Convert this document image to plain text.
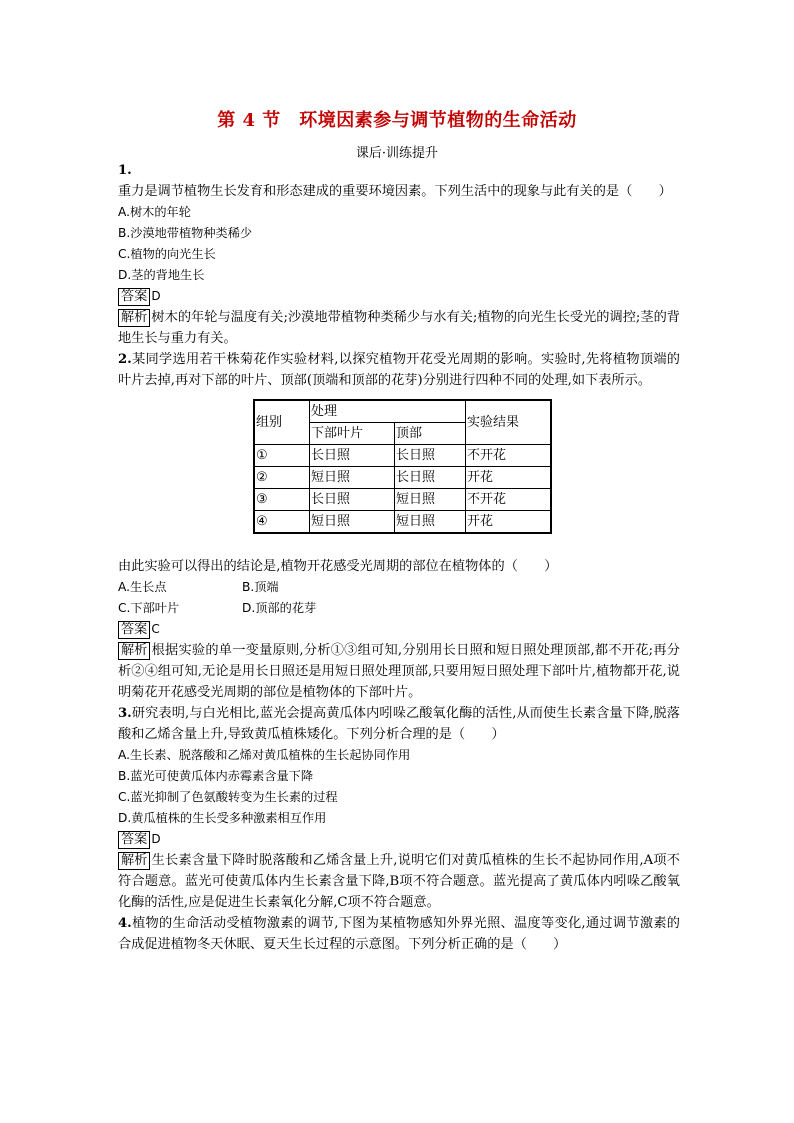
第 4 节　环境因素参与调节植物的生命活动
课后·训练提升

1.重力是调节植物生长发育和形态建成的重要环境因素。下列生活中的现象与此有关的是（　　）

A.树木的年轮

B.沙漠地带植物种类稀少

C.植物的向光生长

D.茎的背地生长

答案 D

解析 树木的年轮与温度有关;沙漠地带植物种类稀少与水有关;植物的向光生长受光的调控;茎的背地生长与重力有关。

2.某同学选用若干株菊花作实验材料,以探究植物开花受光周期的影响。实验时,先将植物顶端的叶片去掉,再对下部的叶片、顶部(顶端和顶部的花芽)分别进行四种不同的处理,如下表所示。

组别	处理		实验结果
	下部叶片	顶部	
①	长日照	长日照	不开花
②	短日照	长日照	开花
③	长日照	短日照	不开花
④	短日照	短日照	开花

由此实验可以得出的结论是,植物开花感受光周期的部位在植物体的（　　）

A.生长点	B.顶端

C.下部叶片	D.顶部的花芽

答案 C

解析 根据实验的单一变量原则,分析①③组可知,分别用长日照和短日照处理顶部,都不开花;再分析②④组可知,无论是用长日照还是用短日照处理顶部,只要用短日照处理下部叶片,植物都开花,说明菊花开花感受光周期的部位是植物体的下部叶片。

3.研究表明,与白光相比,蓝光会提高黄瓜体内吲哚乙酸氧化酶的活性,从而使生长素含量下降,脱落酸和乙烯含量上升,导致黄瓜植株矮化。下列分析合理的是（　　）

A.生长素、脱落酸和乙烯对黄瓜植株的生长起协同作用

B.蓝光可使黄瓜体内赤霉素含量下降

C.蓝光抑制了色氨酸转变为生长素的过程

D.黄瓜植株的生长受多种激素相互作用

答案 D

解析 生长素含量下降时脱落酸和乙烯含量上升,说明它们对黄瓜植株的生长不起协同作用,A项不符合题意。蓝光可使黄瓜体内生长素含量下降,B项不符合题意。蓝光提高了黄瓜体内吲哚乙酸氧化酶的活性,应是促进生长素氧化分解,C项不符合题意。

4.植物的生命活动受植物激素的调节,下图为某植物感知外界光照、温度等变化,通过调节激素的合成促进植物冬天休眠、夏天生长过程的示意图。下列分析正确的是（　　）
